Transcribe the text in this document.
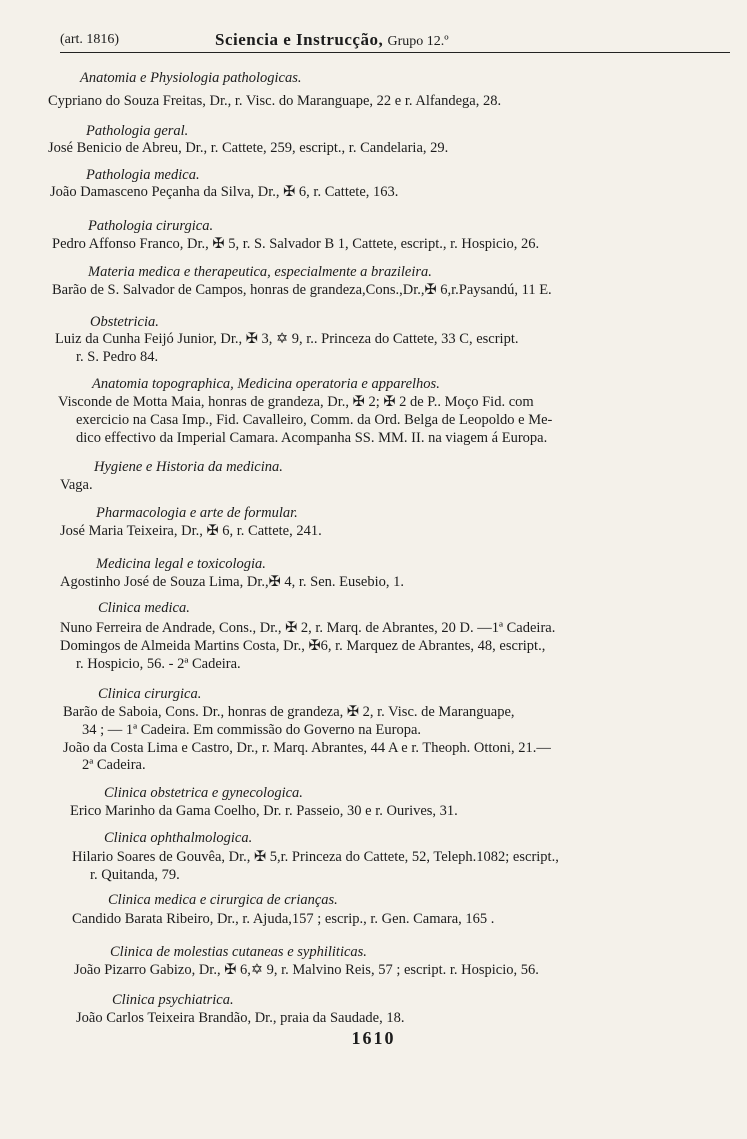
(art. 1816)	Sciencia e Instrucção, Grupo 12.º
Anatomia e Physiologia pathologicas.
Cypriano do Souza Freitas, Dr., r. Visc. do Maranguape, 22 e r. Alfandega, 28.
Pathologia geral.
José Benicio de Abreu, Dr., r. Cattete, 259, escript., r. Candelaria, 29.
Pathologia medica.
João Damasceno Peçanha da Silva, Dr., ✠ 6, r. Cattete, 163.
Pathologia cirurgica.
Pedro Affonso Franco, Dr., ✠ 5, r. S. Salvador B 1, Cattete, escript., r. Hospicio, 26.
Materia medica e therapeutica, especialmente a brazileira.
Barão de S. Salvador de Campos, honras de grandeza,Cons.,Dr.,✠ 6,r.Paysandú, 11 E.
Obstetricia.
Luiz da Cunha Feijó Junior, Dr., ✠ 3, ✡ 9, r.. Princeza do Cattete, 33 C, escript.
r. S. Pedro 84.
Anatomia topographica, Medicina operatoria e apparelhos.
Visconde de Motta Maia, honras de grandeza, Dr., ✠ 2; ✠ 2 de P.. Moço Fid. com
exercicio na Casa Imp., Fid. Cavalleiro, Comm. da Ord. Belga de Leopoldo e Me-
dico effectivo da Imperial Camara. Acompanha SS. MM. II. na viagem á Europa.
Hygiene e Historia da medicina.
Vaga.
Pharmacologia e arte de formular.
José Maria Teixeira, Dr., ✠ 6, r. Cattete, 241.
Medicina legal e toxicologia.
Agostinho José de Souza Lima, Dr.,✠ 4, r. Sen. Eusebio, 1.
Clinica medica.
Nuno Ferreira de Andrade, Cons., Dr., ✠ 2, r. Marq. de Abrantes, 20 D. —1ª Cadeira.
Domingos de Almeida Martins Costa, Dr., ✠6, r. Marquez de Abrantes, 48, escript.,
r. Hospicio, 56. - 2ª Cadeira.
Clinica cirurgica.
Barão de Saboia, Cons. Dr., honras de grandeza, ✠ 2, r. Visc. de Maranguape,
34 ; — 1ª Cadeira. Em commissão do Governo na Europa.
João da Costa Lima e Castro, Dr., r. Marq. Abrantes, 44 A e r. Theoph. Ottoni, 21.—
2ª Cadeira.
Clinica obstetrica e gynecologica.
Erico Marinho da Gama Coelho, Dr. r. Passeio, 30 e r. Ourives, 31.
Clinica ophthalmologica.
Hilario Soares de Gouvêa, Dr., ✠ 5,r. Princeza do Cattete, 52, Teleph.1082; escript.,
r. Quitanda, 79.
Clinica medica e cirurgica de crianças.
Candido Barata Ribeiro, Dr., r. Ajuda,157 ; escrip., r. Gen. Camara, 165 .
Clinica de molestias cutaneas e syphiliticas.
João Pizarro Gabizo, Dr., ✠ 6,✡ 9, r. Malvino Reis, 57 ; escript. r. Hospicio, 56.
Clinica psychiatrica.
João Carlos Teixeira Brandão, Dr., praia da Saudade, 18.
1610
